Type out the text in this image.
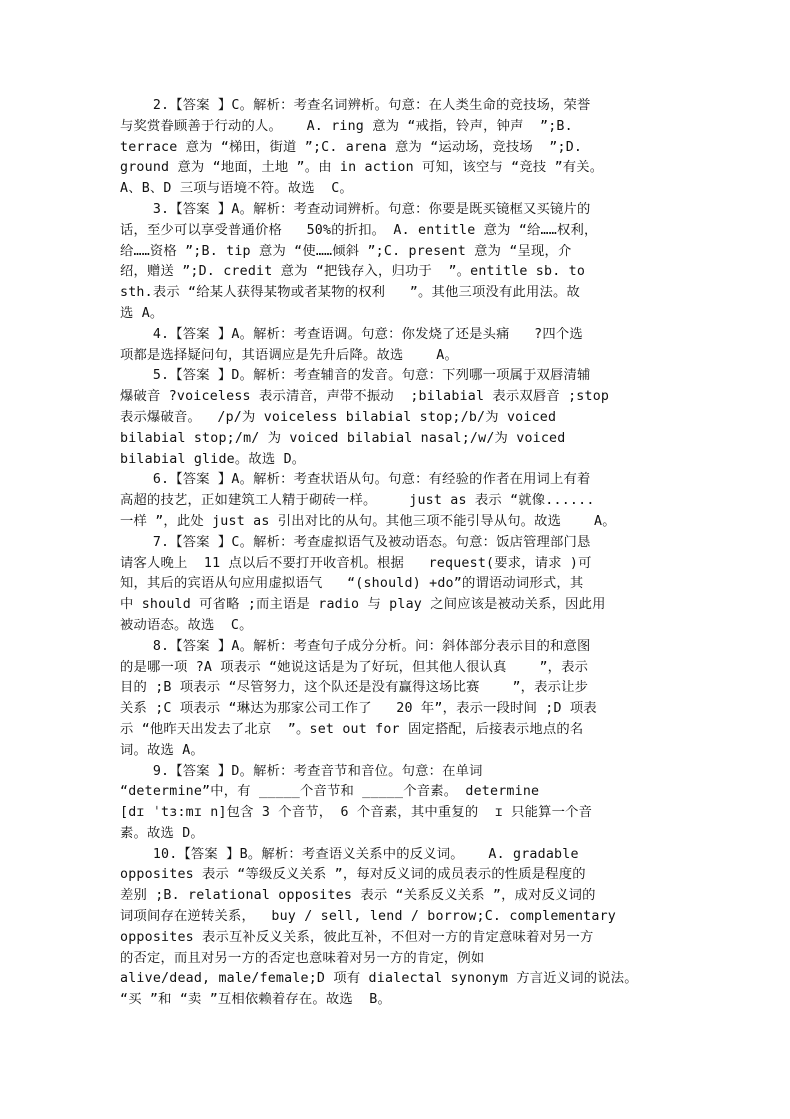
2.【答案 】C。解析：考查名词辨析。句意：在人类生命的竞技场，荣誉
与奖赏眷顾善于行动的人。   A. ring 意为 “戒指，铃声，钟声  ”;B.
terrace 意为 “梯田，街道 ”;C. arena 意为 “运动场，竞技场  ”;D.
ground 意为 “地面，土地 ”。由 in action 可知，该空与 “竞技 ”有关。
A、B、D 三项与语境不符。故选  C。
3.【答案 】A。解析：考查动词辨析。句意：你要是既买镜框又买镜片的
话，至少可以享受普通价格   50%的折扣。 A. entitle 意为 “给……权利，
给……资格 ”;B. tip 意为 “使……倾斜 ”;C. present 意为 “呈现，介
绍，赠送 ”;D. credit 意为 “把钱存入，归功于  ”。entitle sb. to
sth.表示 “给某人获得某物或者某物的权利   ”。其他三项没有此用法。故
选 A。
4.【答案 】A。解析：考查语调。句意：你发烧了还是头痛   ?四个选
项都是选择疑问句，其语调应是先升后降。故选    A。
5.【答案 】D。解析：考查辅音的发音。句意：下列哪一项属于双唇清辅
爆破音 ?voiceless 表示清音，声带不振动  ;bilabial 表示双唇音 ;stop
表示爆破音。  /p/为 voiceless bilabial stop;/b/为 voiced
bilabial stop;/m/ 为 voiced bilabial nasal;/w/为 voiced
bilabial glide。故选 D。
6.【答案 】A。解析：考查状语从句。句意：有经验的作者在用词上有着
高超的技艺，正如建筑工人精于砌砖一样。    just as 表示 “就像......
一样 ”，此处 just as 引出对比的从句。其他三项不能引导从句。故选    A。
7.【答案 】C。解析：考查虚拟语气及被动语态。句意：饭店管理部门恳
请客人晚上  11 点以后不要打开收音机。根据   request(要求，请求 )可
知，其后的宾语从句应用虚拟语气   “(should) +do”的谓语动词形式，其
中 should 可省略 ;而主语是 radio 与 play 之间应该是被动关系，因此用
被动语态。故选  C。
8.【答案 】A。解析：考查句子成分分析。问：斜体部分表示目的和意图
的是哪一项 ?A 项表示 “她说这话是为了好玩，但其他人很认真    ”，表示
目的 ;B 项表示 “尽管努力，这个队还是没有赢得这场比赛    ”，表示让步
关系 ;C 项表示 “琳达为那家公司工作了   20 年”，表示一段时间 ;D 项表
示 “他昨天出发去了北京  ”。set out for 固定搭配，后接表示地点的名
词。故选 A。
9.【答案 】D。解析：考查音节和音位。句意：在单词
“determine”中，有 _____个音节和 _____个音素。 determine
[dɪ ˈtɜ:mɪ n]包含 3 个音节， 6 个音素，其中重复的  ɪ 只能算一个音
素。故选 D。
10.【答案 】B。解析：考查语义关系中的反义词。   A. gradable
opposites 表示 “等级反义关系 ”，每对反义词的成员表示的性质是程度的
差别 ;B. relational opposites 表示 “关系反义关系 ”，成对反义词的
词项间存在逆转关系，  buy / sell, lend / borrow;C. complementary
opposites 表示互补反义关系，彼此互补，不但对一方的肯定意味着对另一方
的否定，而且对另一方的否定也意味着对另一方的肯定，例如
alive/dead, male/female;D 项有 dialectal synonym 方言近义词的说法。
“买 ”和 “卖 ”互相依赖着存在。故选  B。
